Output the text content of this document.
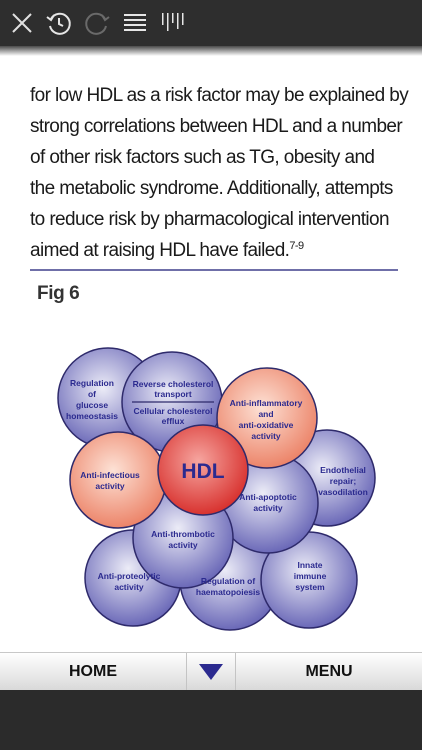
for low HDL as a risk factor may be explained by
strong correlations between HDL and a number
of other risk factors such as TG, obesity and
the metabolic syndrome. Additionally, attempts
to reduce risk by pharmacological intervention
aimed at raising HDL have failed.$^{7-9}$
Fig 6
Regulation
of
glucose
homeostasis
Reverse cholesterol
transport
Cellular cholesterol
efflux
Anti-inflammatory
and
anti-oxidative
activity
Endothelial
repair;
vasodilation
Anti-infectious
activity
Anti-apoptotic
activity
Anti-thrombotic
activity
Anti-proteolytic
activity
Regulation of
haematopoiesis
Innate
immune
system
HDL
HOME	MENU
